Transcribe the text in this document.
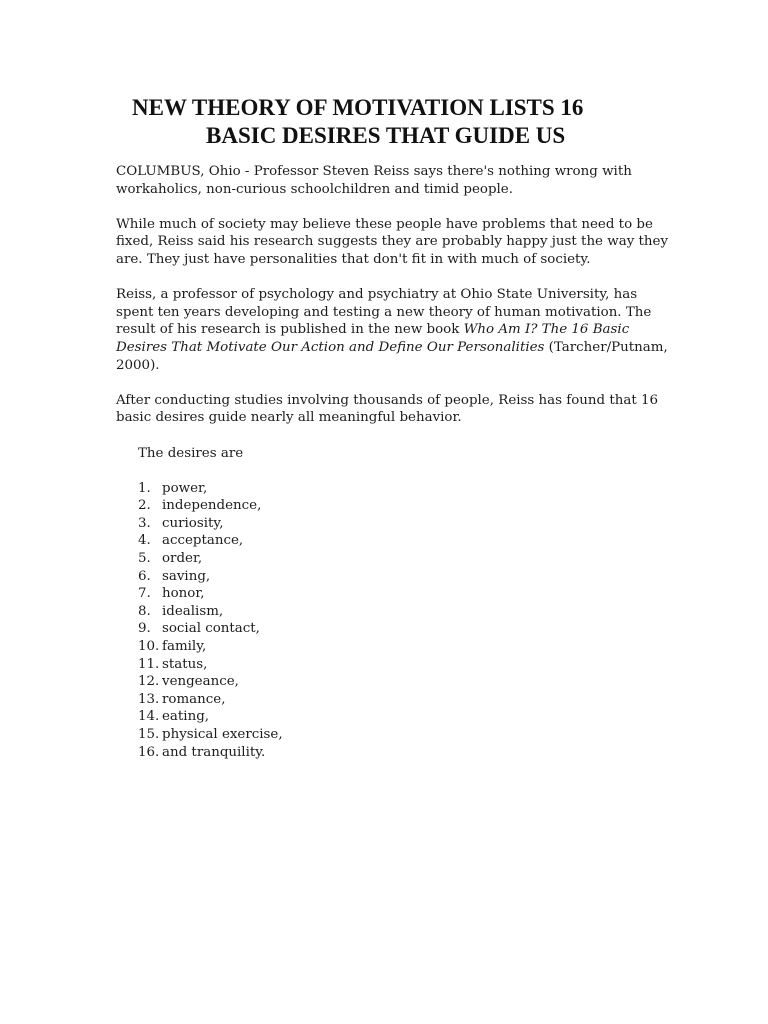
NEW THEORY OF MOTIVATION LISTS 16
BASIC DESIRES THAT GUIDE US

COLUMBUS, Ohio - Professor Steven Reiss says there's nothing wrong with workaholics, non-curious schoolchildren and timid people.

While much of society may believe these people have problems that need to be fixed, Reiss said his research suggests they are probably happy just the way they are. They just have personalities that don't fit in with much of society.

Reiss, a professor of psychology and psychiatry at Ohio State University, has spent ten years developing and testing a new theory of human motivation. The result of his research is published in the new book Who Am I? The 16 Basic Desires That Motivate Our Action and Define Our Personalities (Tarcher/Putnam, 2000).

After conducting studies involving thousands of people, Reiss has found that 16 basic desires guide nearly all meaningful behavior.

The desires are

1. power,
2. independence,
3. curiosity,
4. acceptance,
5. order,
6. saving,
7. honor,
8. idealism,
9. social contact,
10. family,
11. status,
12. vengeance,
13. romance,
14. eating,
15. physical exercise,
16. and tranquility.
